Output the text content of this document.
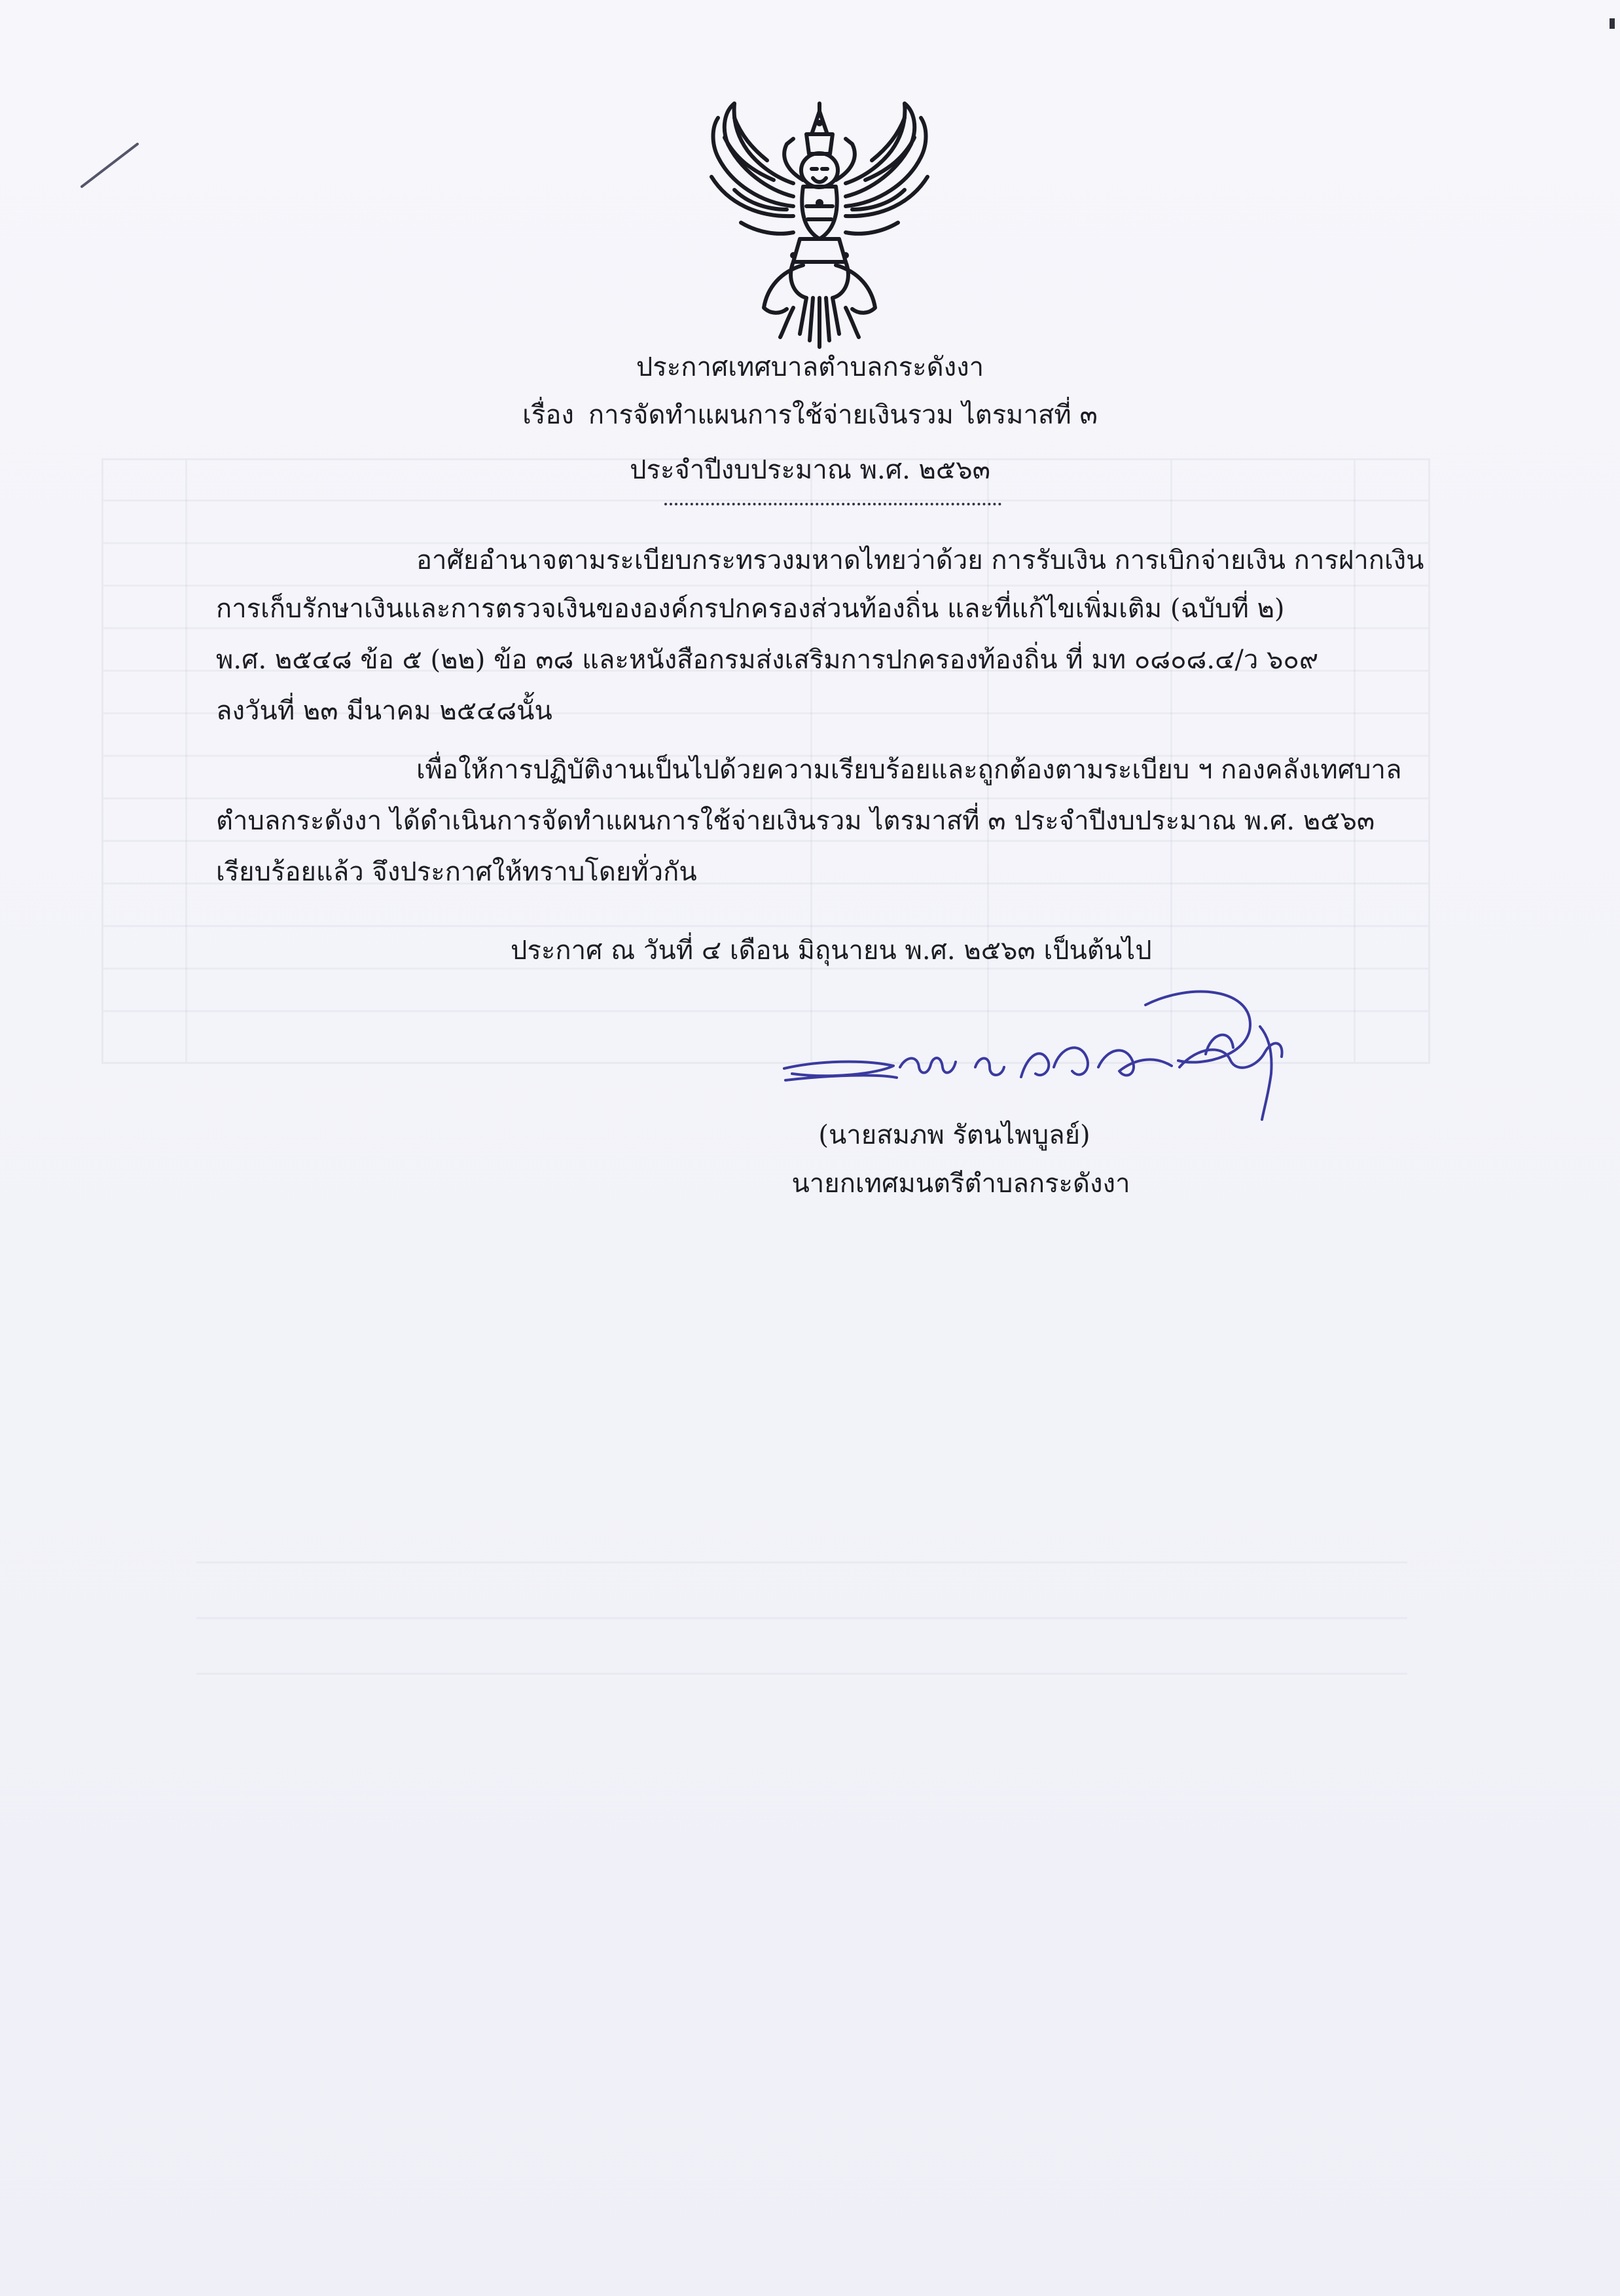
ประกาศเทศบาลตำบลกระดังงา
เรื่อง การจัดทำแผนการใช้จ่ายเงินรวม ไตรมาสที่ ๓
ประจำปีงบประมาณ พ.ศ. ๒๕๖๓
อาศัยอำนาจตามระเบียบกระทรวงมหาดไทยว่าด้วย การรับเงิน การเบิกจ่ายเงิน การฝากเงิน
การเก็บรักษาเงินและการตรวจเงินขององค์กรปกครองส่วนท้องถิ่น และที่แก้ไขเพิ่มเติม (ฉบับที่ ๒)
พ.ศ. ๒๕๔๘ ข้อ ๕ (๒๒) ข้อ ๓๘ และหนังสือกรมส่งเสริมการปกครองท้องถิ่น ที่ มท ๐๘๐๘.๔/ว ๖๐๙
ลงวันที่ ๒๓ มีนาคม ๒๕๔๘นั้น
เพื่อให้การปฏิบัติงานเป็นไปด้วยความเรียบร้อยและถูกต้องตามระเบียบ ฯ กองคลังเทศบาล
ตำบลกระดังงา ได้ดำเนินการจัดทำแผนการใช้จ่ายเงินรวม ไตรมาสที่ ๓ ประจำปีงบประมาณ พ.ศ. ๒๕๖๓
เรียบร้อยแล้ว จึงประกาศให้ทราบโดยทั่วกัน
ประกาศ ณ วันที่ ๔ เดือน มิถุนายน พ.ศ. ๒๕๖๓ เป็นต้นไป
(นายสมภพ รัตนไพบูลย์)
นายกเทศมนตรีตำบลกระดังงา
